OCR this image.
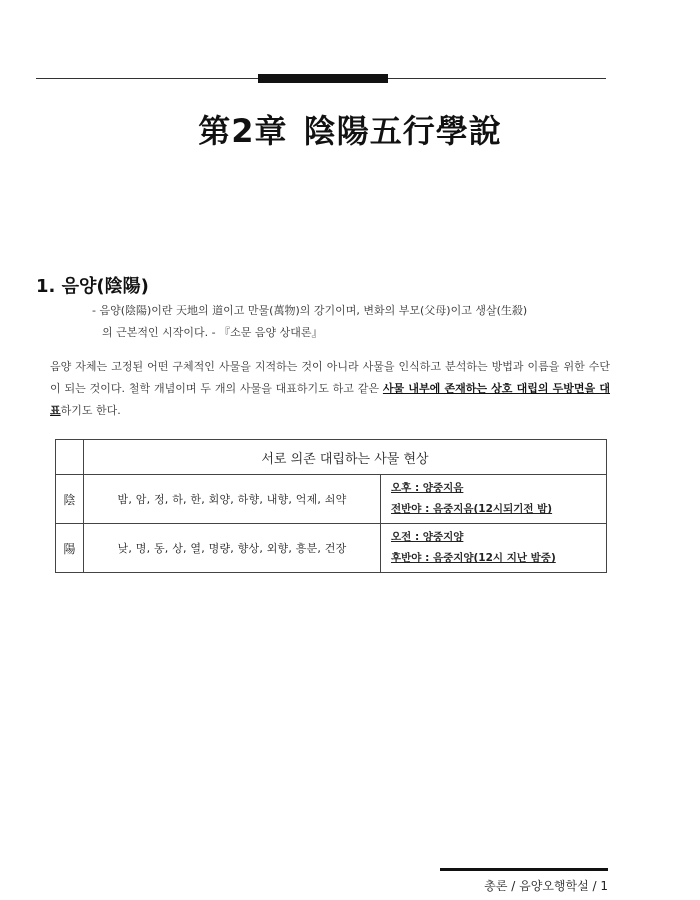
第2章 陰陽五行學說
1. 음양(陰陽)
- 음양(陰陽)이란 天地의 道이고 만물(萬物)의 강기이며, 변화의 부모(父母)이고 생살(生殺)
의 근본적인 시작이다. - 『소문 음양 상대론』
음양 자체는 고정된 어떤 구체적인 사물을 지적하는 것이 아니라 사물을 인식하고 분석하는 방법과 이름을 위한 수단이 되는 것이다. 철학 개념이며 두 개의 사물을 대표하기도 하고 같은 사물 내부에 존재하는 상호 대립의 두방면을 대표하기도 한다.
	서로 의존 대립하는 사물 현상	
陰	밤, 암, 정, 하, 한, 회양, 하향, 내향, 억제, 쇠약	오후 : 양중지음
전반야 : 음중지음(12시되기전 밤)

陽	낮, 명, 동, 상, 열, 명량, 향상, 외향, 흥분, 건장	오전 : 양중지양
후반야 : 음중지양(12시 지난 밤중)
총론 / 음양오행학설 / 1
